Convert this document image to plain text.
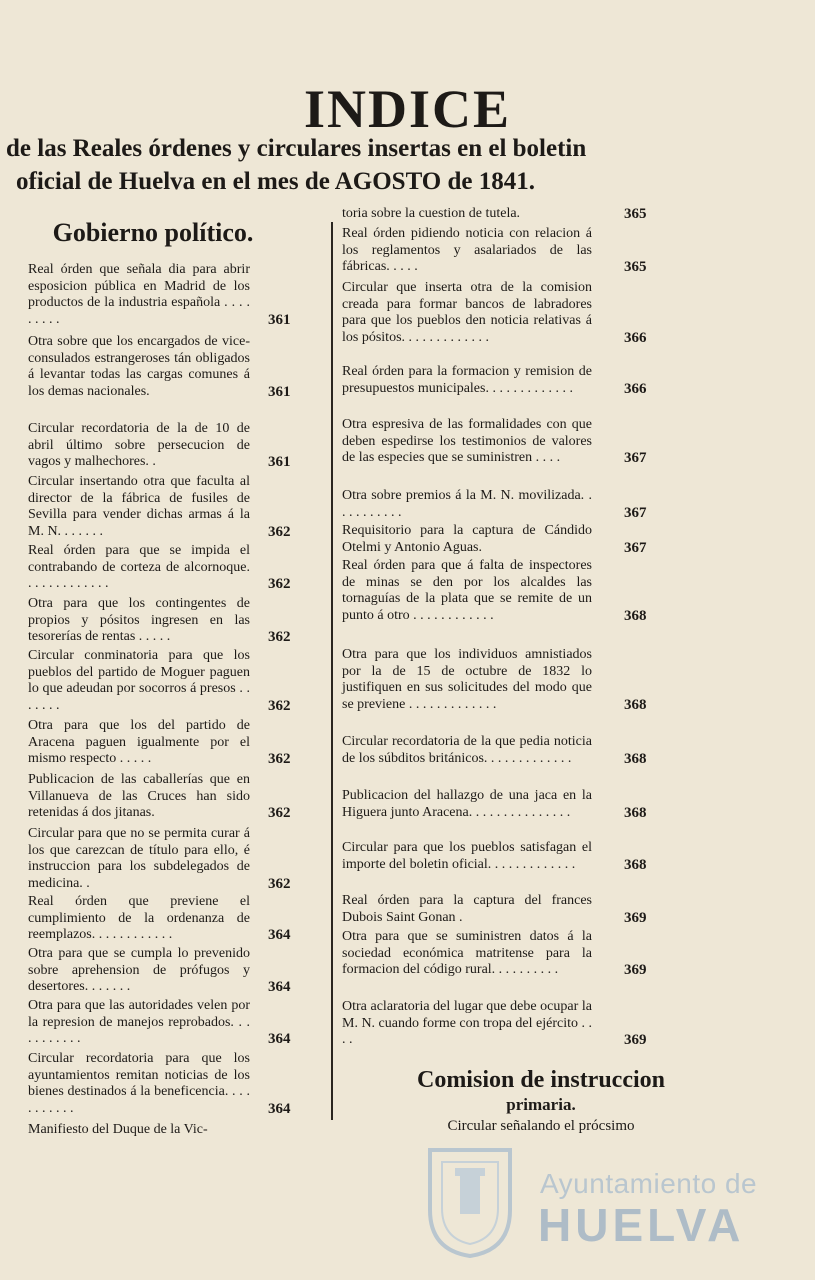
INDICE
de las Reales órdenes y circulares insertas en el boletin
oficial de Huelva en el mes de AGOSTO de 1841.
Gobierno político.
Real órden que señala dia para abrir esposicion pública en Madrid de los productos de la industria española . . . . . . . . .	361
Otra sobre que los encargados de vice-consulados estrangeroses tán obligados á levantar todas las cargas comunes á los demas nacionales.	361
Circular recordatoria de la de 10 de abril último sobre persecucion de vagos y malhechores. .	361
Circular insertando otra que faculta al director de la fábrica de fusiles de Sevilla para vender dichas armas á la M. N. . . . . . .	362
Real órden para que se impida el contrabando de corteza de alcornoque. . . . . . . . . . . . .	362
Otra para que los contingentes de propios y pósitos ingresen en las tesorerías de rentas . . . . .	362
Circular conminatoria para que los pueblos del partido de Moguer paguen lo que adeudan por socorros á presos . . . . . . .	362
Otra para que los del partido de Aracena paguen igualmente por el mismo respecto . . . . .	362
Publicacion de las caballerías que en Villanueva de las Cruces han sido retenidas á dos jitanas.	362
Circular para que no se permita curar á los que carezcan de título para ello, é instruccion para los subdelegados de medicina. .	362
Real órden que previene el cumplimiento de la ordenanza de reemplazos. . . . . . . . . . . .	364
Otra para que se cumpla lo prevenido sobre aprehension de prófugos y desertores. . . . . . .	364
Otra para que las autoridades velen por la represion de manejos reprobados. . . . . . . . . . .	364
Circular recordatoria para que los ayuntamientos remitan noticias de los bienes destinados á la beneficencia. . . . . . . . . . .	364
Manifiesto del Duque de la Vic-
toria sobre la cuestion de tutela.	365
Real órden pidiendo noticia con relacion á los reglamentos y asalariados de las fábricas. . . . .	365
Circular que inserta otra de la comision creada para formar bancos de labradores para que los pueblos den noticia relativas á los pósitos. . . . . . . . . . . . .	366
Real órden para la formacion y remision de presupuestos municipales. . . . . . . . . . . . .	366
Otra espresiva de las formalidades con que deben espedirse los testimonios de valores de las especies que se suministren . . . .	367
Otra sobre premios á la M. N. movilizada. . . . . . . . . . .	367
Requisitorio para la captura de Cándido Otelmi y Antonio Aguas.	367
Real órden para que á falta de inspectores de minas se den por los alcaldes las tornaguías de la plata que se remite de un punto á otro . . . . . . . . . . . .	368
Otra para que los individuos amnistiados por la de 15 de octubre de 1832 lo justifiquen en sus solicitudes del modo que se previene . . . . . . . . . . . . .	368
Circular recordatoria de la que pedia noticia de los súbditos británicos. . . . . . . . . . . . .	368
Publicacion del hallazgo de una jaca en la Higuera junto Aracena. . . . . . . . . . . . . . .	368
Circular para que los pueblos satisfagan el importe del boletin oficial. . . . . . . . . . . . .	368
Real órden para la captura del frances Dubois Saint Gonan .	369
Otra para que se suministren datos á la sociedad económica matritense para la formacion del código rural. . . . . . . . . .	369
Otra aclaratoria del lugar que debe ocupar la M. N. cuando forme con tropa del ejército . . . .	369
Comision de instruccion
primaria.
Circular señalando el prócsimo
Ayuntamiento de
HUELVA
